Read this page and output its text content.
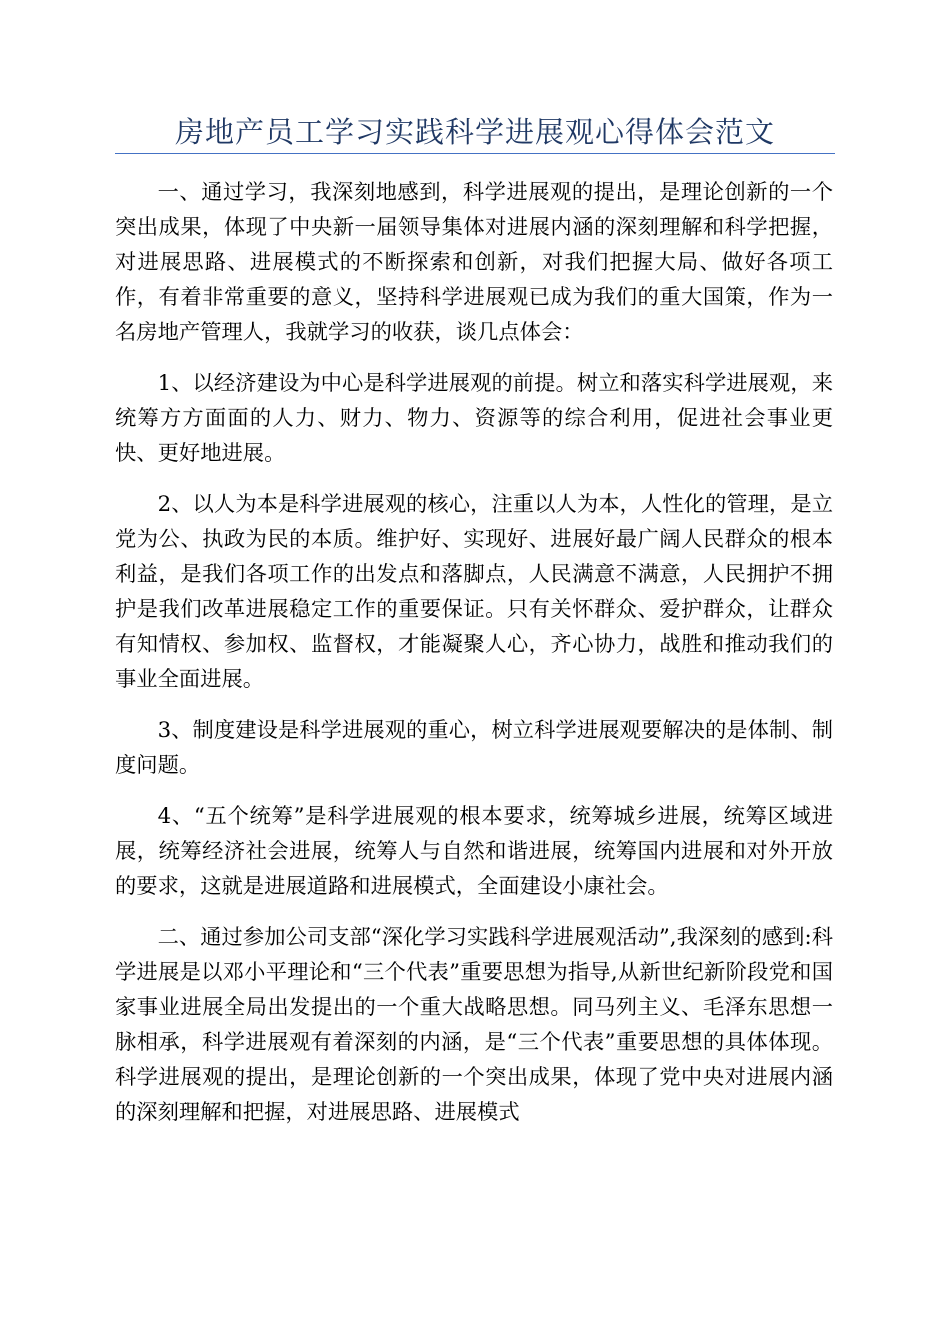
房地产员工学习实践科学进展观心得体会范文

一、通过学习，我深刻地感到，科学进展观的提出，是理论创新的一个突出成果，体现了中央新一届领导集体对进展内涵的深刻理解和科学把握，对进展思路、进展模式的不断探索和创新，对我们把握大局、做好各项工作，有着非常重要的意义，坚持科学进展观已成为我们的重大国策，作为一名房地产管理人，我就学习的收获，谈几点体会：

1、以经济建设为中心是科学进展观的前提。树立和落实科学进展观，来统筹方方面面的人力、财力、物力、资源等的综合利用，促进社会事业更快、更好地进展。

2、以人为本是科学进展观的核心，注重以人为本，人性化的管理，是立党为公、执政为民的本质。维护好、实现好、进展好最广阔人民群众的根本利益，是我们各项工作的出发点和落脚点，人民满意不满意，人民拥护不拥护是我们改革进展稳定工作的重要保证。只有关怀群众、爱护群众，让群众有知情权、参加权、监督权，才能凝聚人心，齐心协力，战胜和推动我们的事业全面进展。

3、制度建设是科学进展观的重心，树立科学进展观要解决的是体制、制度问题。

4、“五个统筹”是科学进展观的根本要求，统筹城乡进展，统筹区域进展，统筹经济社会进展，统筹人与自然和谐进展，统筹国内进展和对外开放的要求，这就是进展道路和进展模式，全面建设小康社会。

二、通过参加公司支部“深化学习实践科学进展观活动”,我深刻的感到:科学进展是以邓小平理论和“三个代表”重要思想为指导,从新世纪新阶段党和国家事业进展全局出发提出的一个重大战略思想。同马列主义、毛泽东思想一脉相承，科学进展观有着深刻的内涵，是“三个代表”重要思想的具体体现。科学进展观的提出，是理论创新的一个突出成果，体现了党中央对进展内涵的深刻理解和把握，对进展思路、进展模式
